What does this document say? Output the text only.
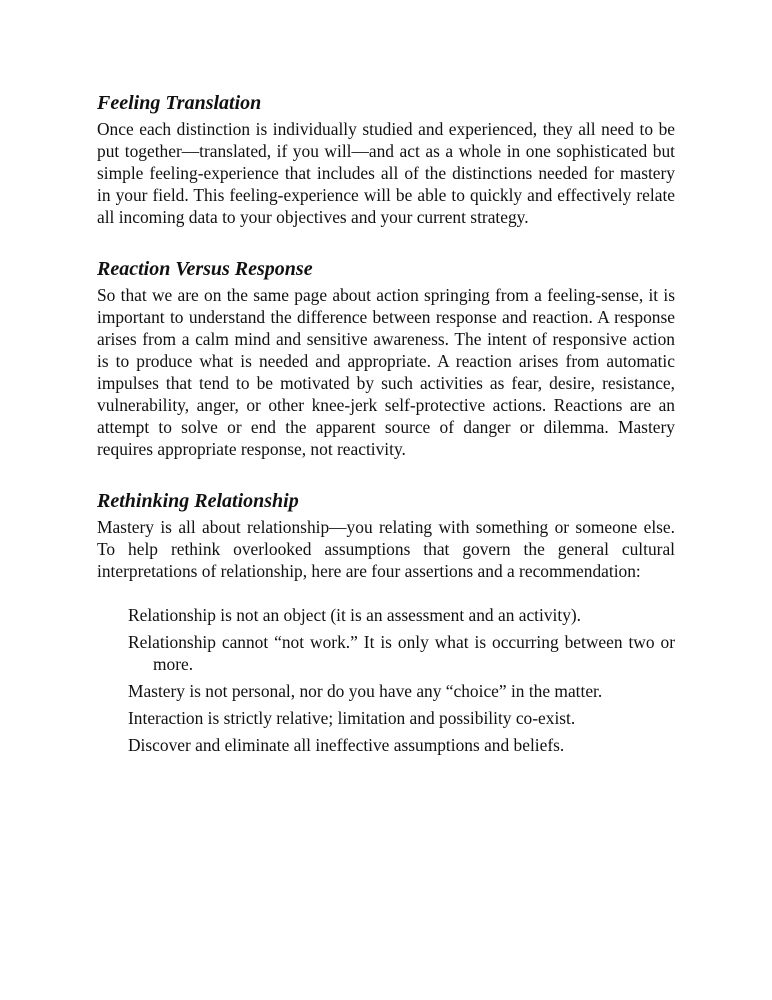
Feeling Translation

Once each distinction is individually studied and experienced, they all need to be put together—translated, if you will—and act as a whole in one sophisticated but simple feeling-experience that includes all of the distinctions needed for mastery in your field. This feeling-experience will be able to quickly and effectively relate all incoming data to your objectives and your current strategy.

Reaction Versus Response

So that we are on the same page about action springing from a feeling-sense, it is important to understand the difference between response and reaction. A response arises from a calm mind and sensitive awareness. The intent of responsive action is to produce what is needed and appropriate. A reaction arises from automatic impulses that tend to be motivated by such activities as fear, desire, resistance, vulnerability, anger, or other knee-jerk self-protective actions. Reactions are an attempt to solve or end the apparent source of danger or dilemma. Mastery requires appropriate response, not reactivity.

Rethinking Relationship

Mastery is all about relationship—you relating with something or someone else. To help rethink overlooked assumptions that govern the general cultural interpretations of relationship, here are four assertions and a recommendation:

Relationship is not an object (it is an assessment and an activity).
Relationship cannot “not work.” It is only what is occurring between two or more.
Mastery is not personal, nor do you have any “choice” in the matter.
Interaction is strictly relative; limitation and possibility co-exist.
Discover and eliminate all ineffective assumptions and beliefs.
